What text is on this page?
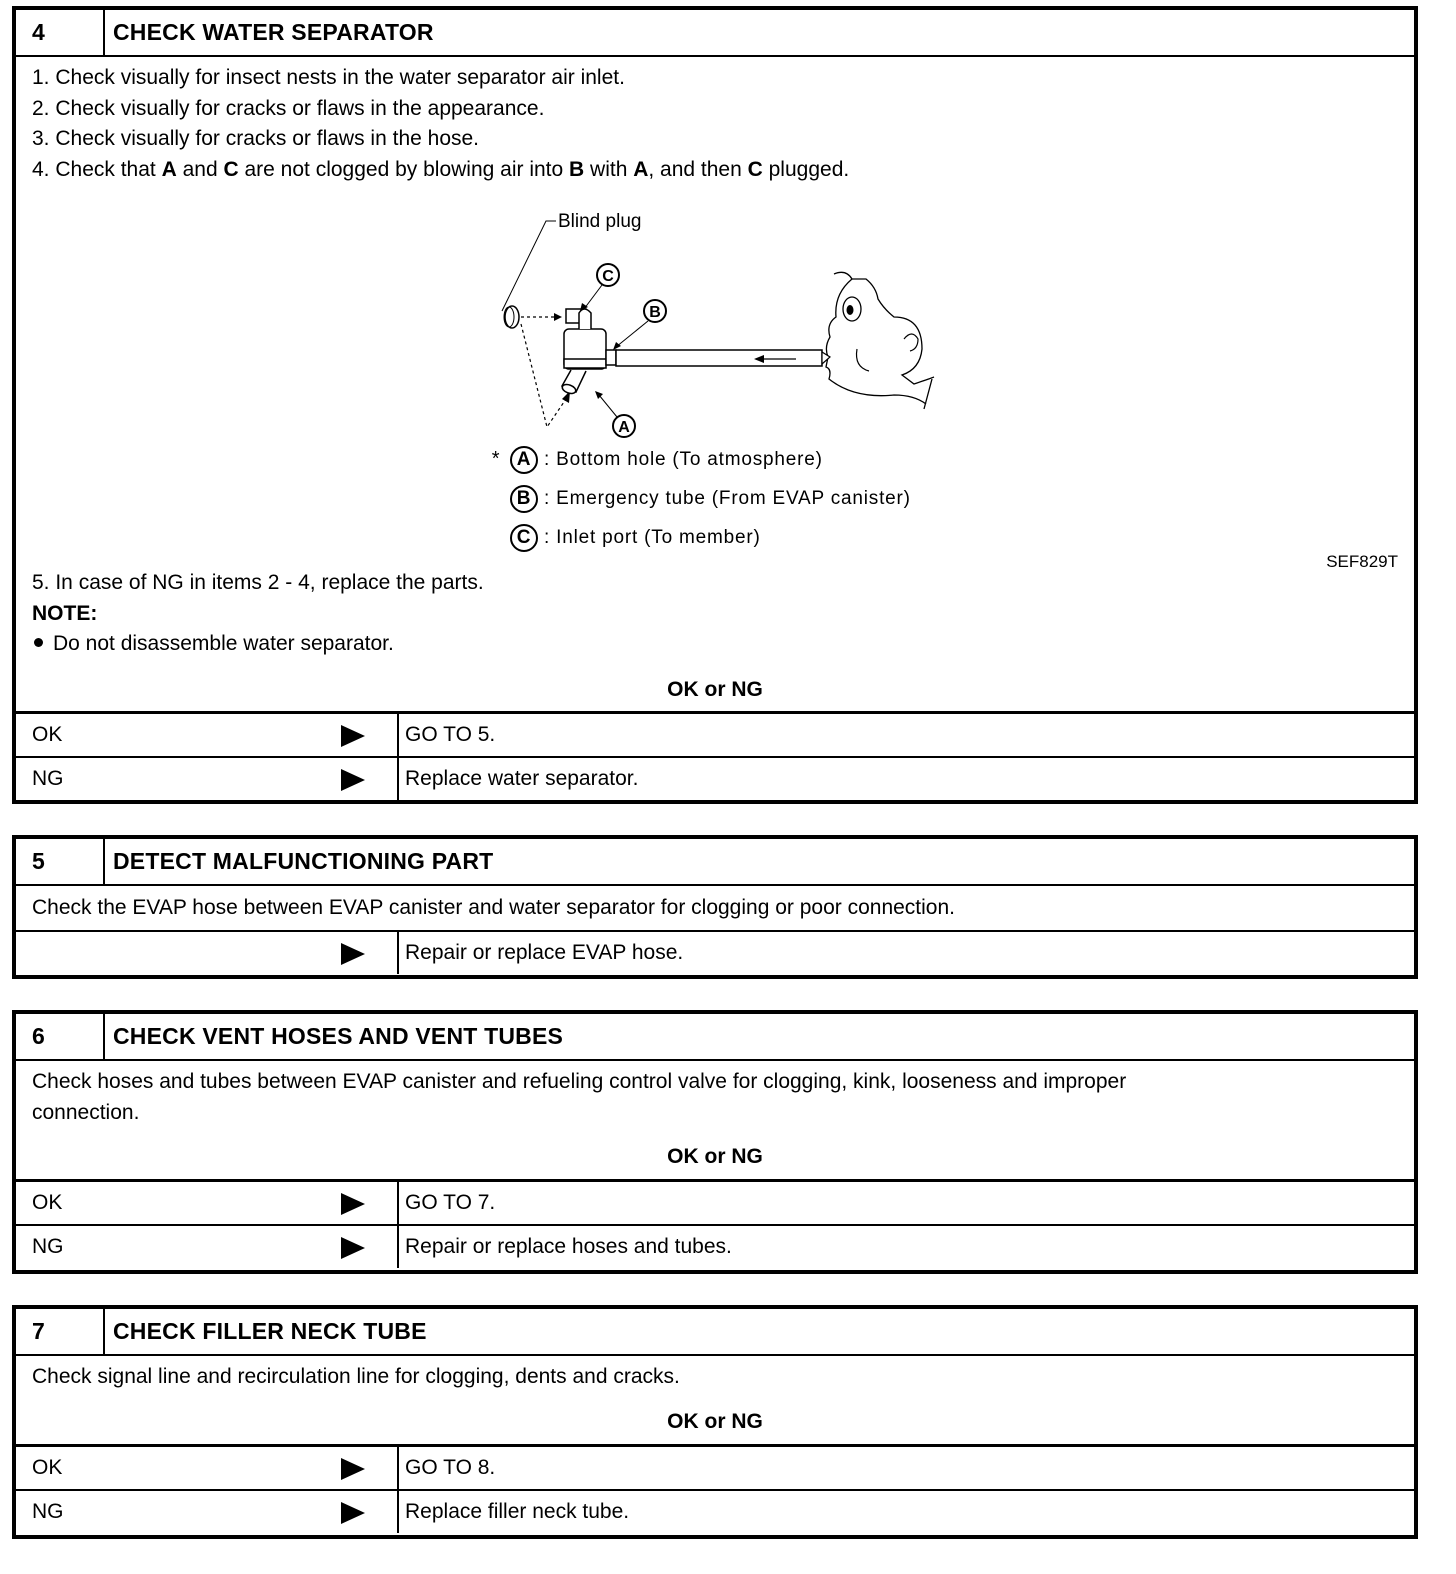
4	CHECK WATER SEPARATOR
1. Check visually for insect nests in the water separator air inlet.
2. Check visually for cracks or flaws in the appearance.
3. Check visually for cracks or flaws in the hose.
4. Check that A and C are not clogged by blowing air into B with A, and then C plugged.
Blind plug
C
B
A
* A : Bottom hole (To atmosphere)
B : Emergency tube (From EVAP canister)
C : Inlet port (To member)
SEF829T
5. In case of NG in items 2 - 4, replace the parts.
NOTE:
Do not disassemble water separator.
OK or NG
OK	GO TO 5.
NG	Replace water separator.
5	DETECT MALFUNCTIONING PART
Check the EVAP hose between EVAP canister and water separator for clogging or poor connection.
Repair or replace EVAP hose.
6	CHECK VENT HOSES AND VENT TUBES
Check hoses and tubes between EVAP canister and refueling control valve for clogging, kink, looseness and improper
connection.
OK or NG
OK	GO TO 7.
NG	Repair or replace hoses and tubes.
7	CHECK FILLER NECK TUBE
Check signal line and recirculation line for clogging, dents and cracks.
OK or NG
OK	GO TO 8.
NG	Replace filler neck tube.
